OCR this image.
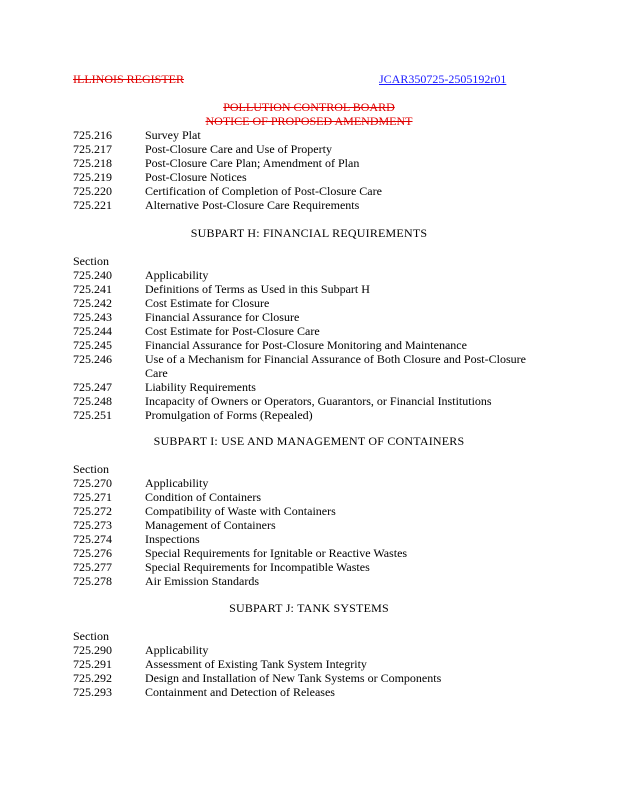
ILLINOIS REGISTER	JCAR350725-2505192r01
POLLUTION CONTROL BOARD
NOTICE OF PROPOSED AMENDMENT
725.216	Survey Plat
725.217	Post-Closure Care and Use of Property
725.218	Post-Closure Care Plan; Amendment of Plan
725.219	Post-Closure Notices
725.220	Certification of Completion of Post-Closure Care
725.221	Alternative Post-Closure Care Requirements
SUBPART H: FINANCIAL REQUIREMENTS
Section
725.240	Applicability
725.241	Definitions of Terms as Used in this Subpart H
725.242	Cost Estimate for Closure
725.243	Financial Assurance for Closure
725.244	Cost Estimate for Post-Closure Care
725.245	Financial Assurance for Post-Closure Monitoring and Maintenance
725.246	Use of a Mechanism for Financial Assurance of Both Closure and Post-Closure
Care
725.247	Liability Requirements
725.248	Incapacity of Owners or Operators, Guarantors, or Financial Institutions
725.251	Promulgation of Forms (Repealed)
SUBPART I: USE AND MANAGEMENT OF CONTAINERS
Section
725.270	Applicability
725.271	Condition of Containers
725.272	Compatibility of Waste with Containers
725.273	Management of Containers
725.274	Inspections
725.276	Special Requirements for Ignitable or Reactive Wastes
725.277	Special Requirements for Incompatible Wastes
725.278	Air Emission Standards
SUBPART J: TANK SYSTEMS
Section
725.290	Applicability
725.291	Assessment of Existing Tank System Integrity
725.292	Design and Installation of New Tank Systems or Components
725.293	Containment and Detection of Releases
